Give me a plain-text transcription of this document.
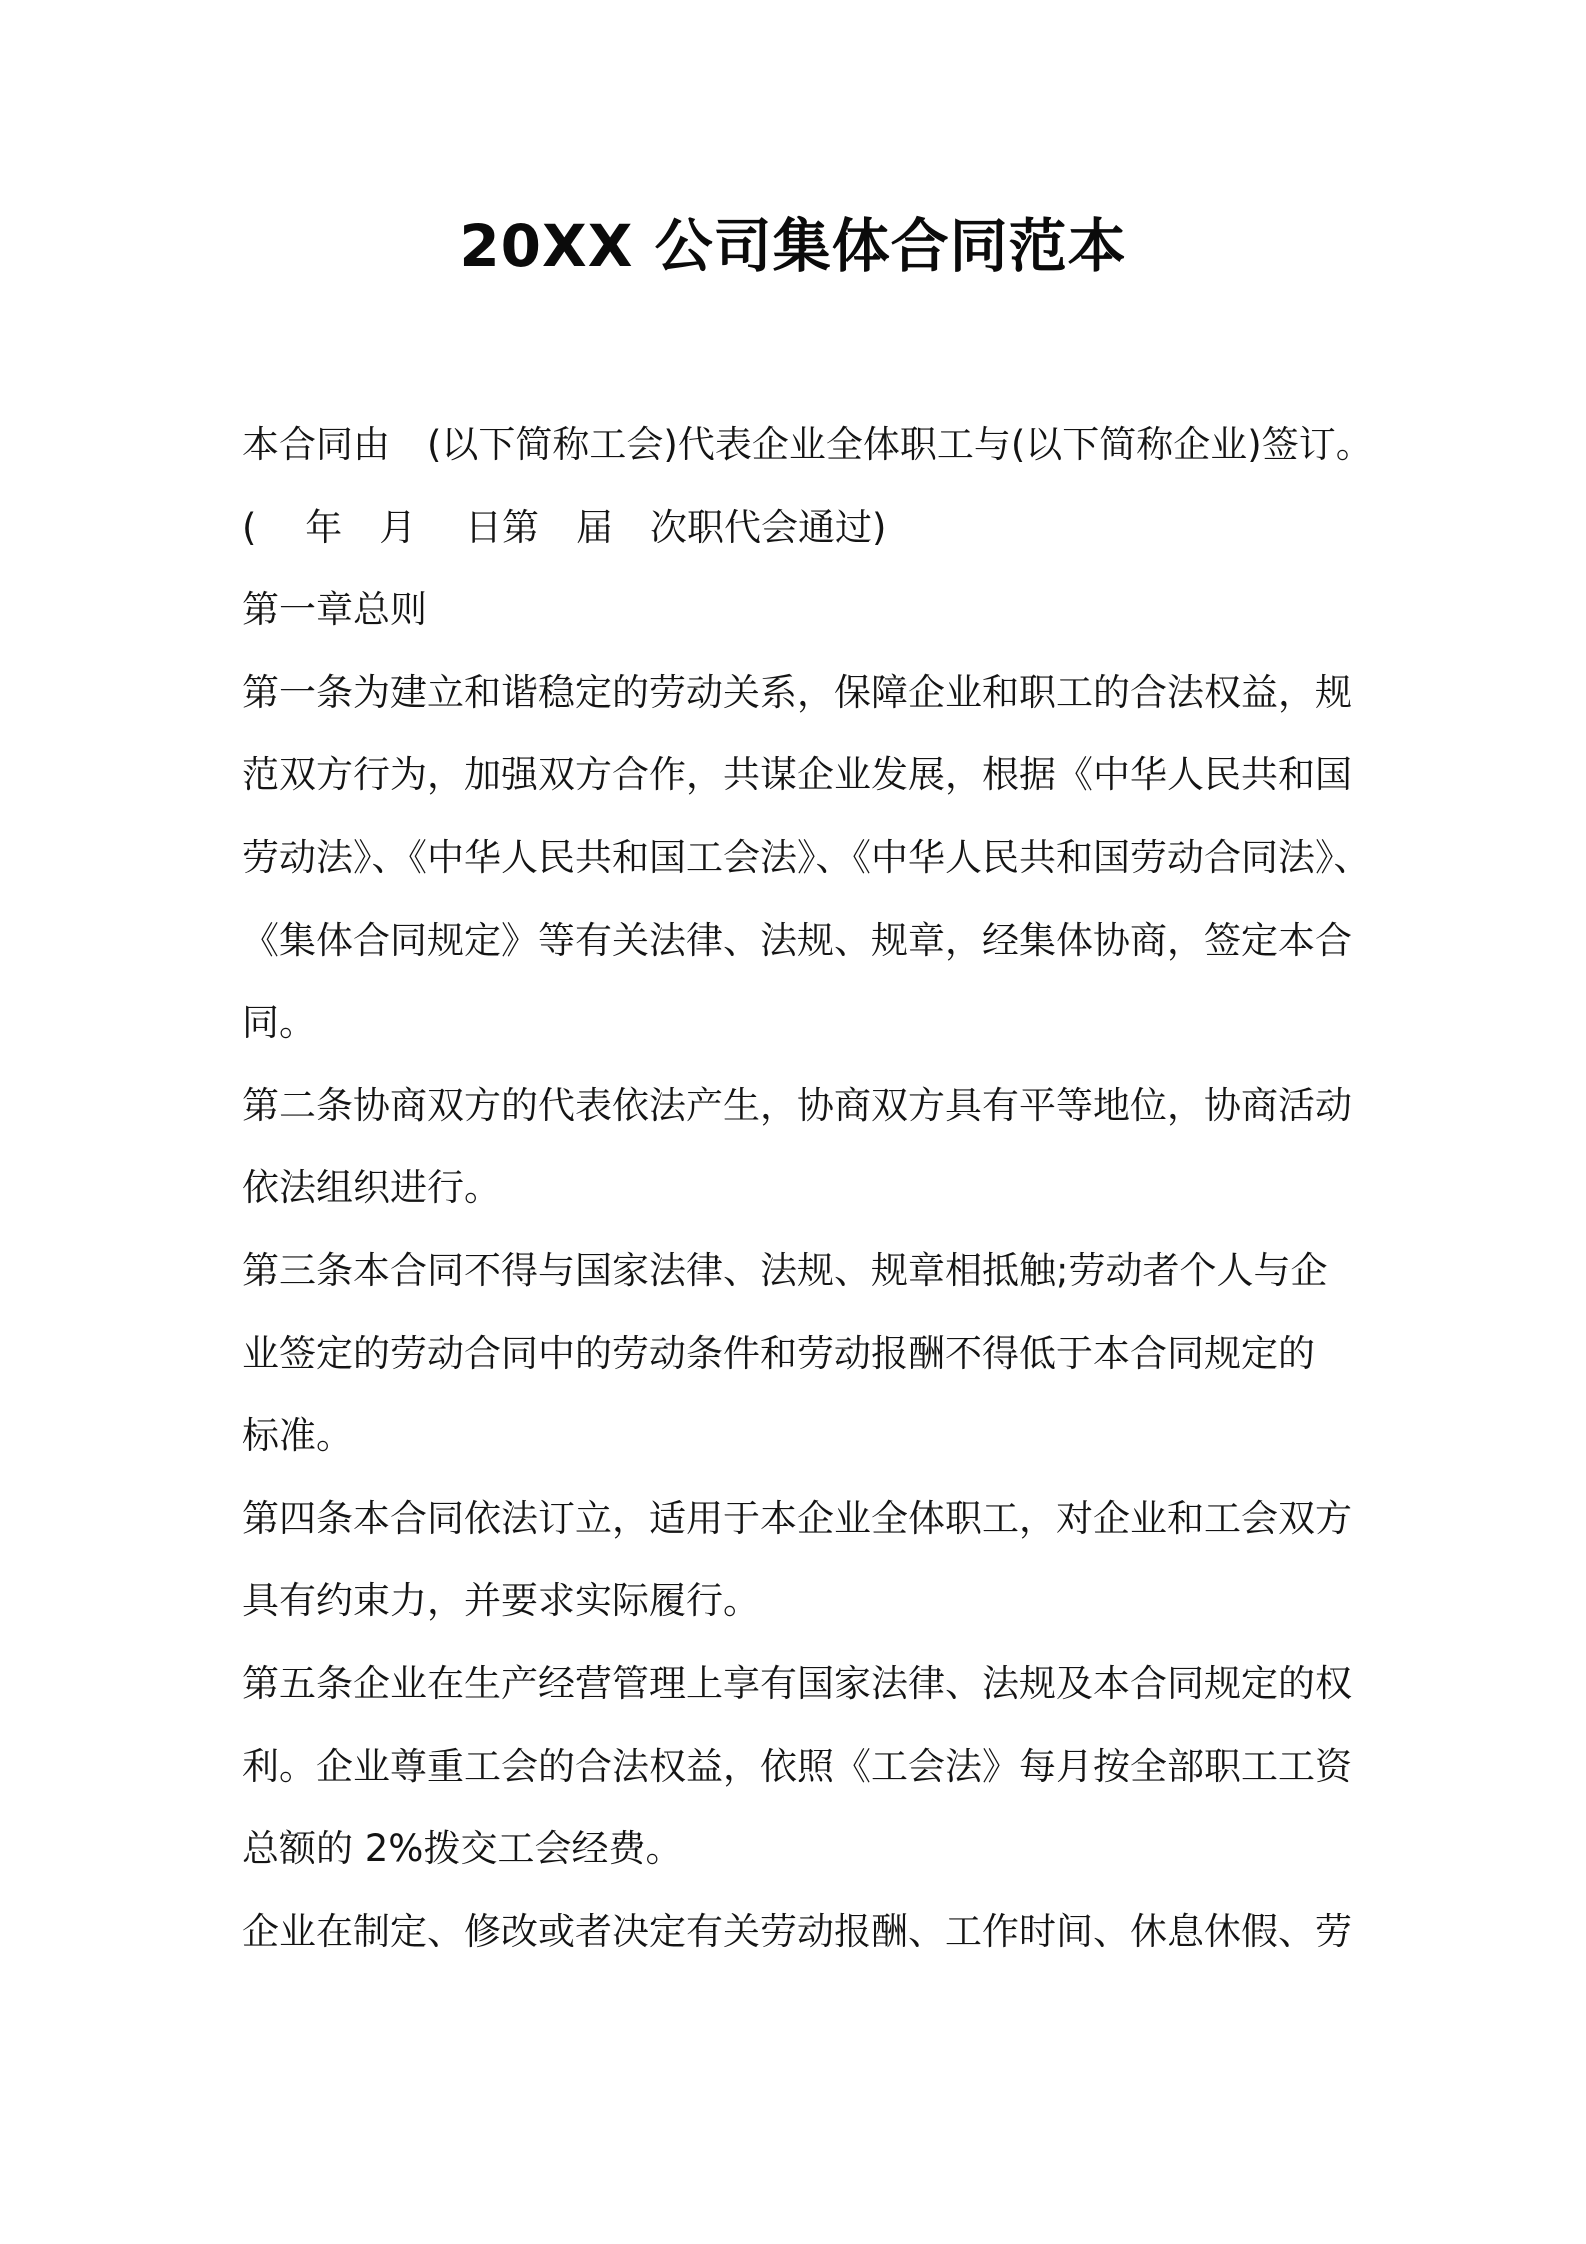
20XX 公司集体合同范本
本合同由　(以下简称工会)代表企业全体职工与(以下简称企业)签订。
(　 年　月　 日第　届　次职代会通过)
第一章总则
第一条为建立和谐稳定的劳动关系，保障企业和职工的合法权益，规
范双方行为，加强双方合作，共谋企业发展，根据《中华人民共和国
劳动法》、《中华人民共和国工会法》、《中华人民共和国劳动合同法》、
《集体合同规定》等有关法律、法规、规章，经集体协商，签定本合
同。
第二条协商双方的代表依法产生，协商双方具有平等地位，协商活动
依法组织进行。
第三条本合同不得与国家法律、法规、规章相抵触;劳动者个人与企
业签定的劳动合同中的劳动条件和劳动报酬不得低于本合同规定的
标准。
第四条本合同依法订立，适用于本企业全体职工，对企业和工会双方
具有约束力，并要求实际履行。
第五条企业在生产经营管理上享有国家法律、法规及本合同规定的权
利。企业尊重工会的合法权益，依照《工会法》每月按全部职工工资
总额的 2%拨交工会经费。
企业在制定、修改或者决定有关劳动报酬、工作时间、休息休假、劳
